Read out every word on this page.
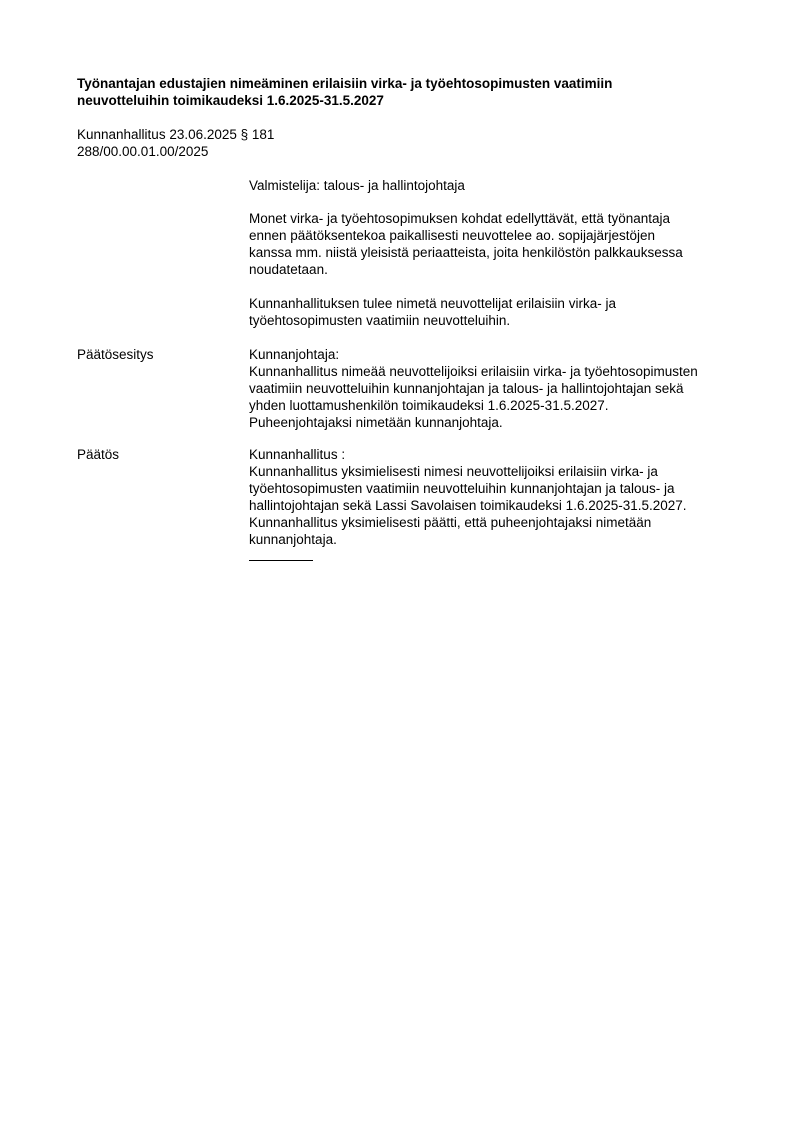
Työnantajan edustajien nimeäminen erilaisiin virka- ja työehtosopimusten vaatimiin
neuvotteluihin toimikaudeksi 1.6.2025-31.5.2027
Kunnanhallitus 23.06.2025 § 181
288/00.00.01.00/2025
Valmistelija: talous- ja hallintojohtaja
Monet virka- ja työehtosopimuksen kohdat edellyttävät, että työnantaja
ennen päätöksentekoa paikallisesti neuvottelee ao. sopijajärjestöjen
kanssa mm. niistä yleisistä periaatteista, joita henkilöstön palkkauksessa
noudatetaan.
Kunnanhallituksen tulee nimetä neuvottelijat erilaisiin virka- ja
työehtosopimusten vaatimiin neuvotteluihin.
Päätösesitys	Kunnanjohtaja:
Kunnanhallitus nimeää neuvottelijoiksi erilaisiin virka- ja työehtosopimusten
vaatimiin neuvotteluihin kunnanjohtajan ja talous- ja hallintojohtajan sekä
yhden luottamushenkilön toimikaudeksi 1.6.2025-31.5.2027.
Puheenjohtajaksi nimetään kunnanjohtaja.
Päätös	Kunnanhallitus :
Kunnanhallitus yksimielisesti nimesi neuvottelijoiksi erilaisiin virka- ja
työehtosopimusten vaatimiin neuvotteluihin kunnanjohtajan ja talous- ja
hallintojohtajan sekä Lassi Savolaisen toimikaudeksi 1.6.2025-31.5.2027.
Kunnanhallitus yksimielisesti päätti, että puheenjohtajaksi nimetään
kunnanjohtaja.
